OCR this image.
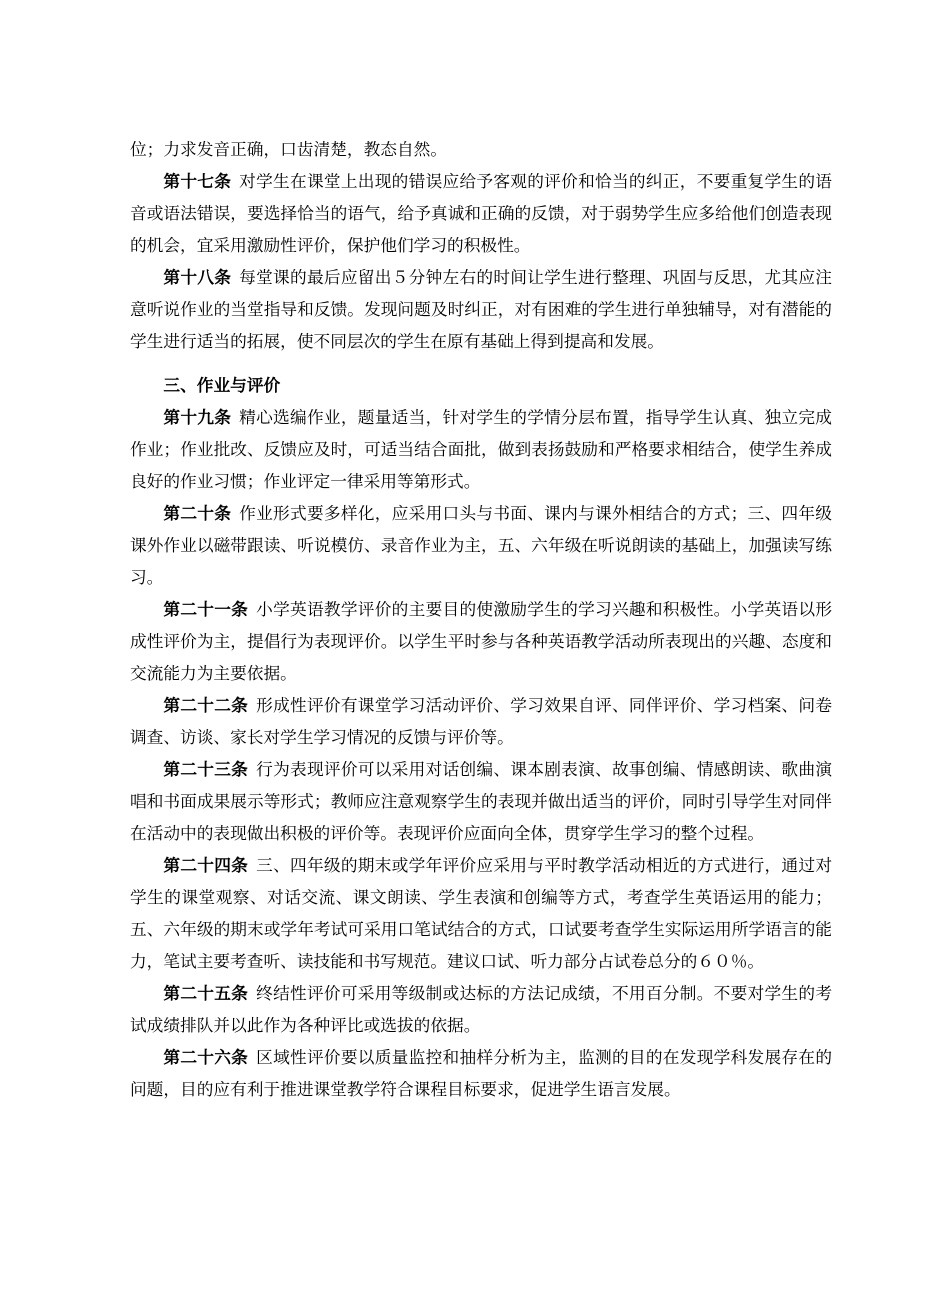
位；力求发音正确，口齿清楚，教态自然。

第十七条 对学生在课堂上出现的错误应给予客观的评价和恰当的纠正，不要重复学生的语音或语法错误，要选择恰当的语气，给予真诚和正确的反馈，对于弱势学生应多给他们创造表现的机会，宜采用激励性评价，保护他们学习的积极性。

第十八条 每堂课的最后应留出５分钟左右的时间让学生进行整理、巩固与反思，尤其应注意听说作业的当堂指导和反馈。发现问题及时纠正，对有困难的学生进行单独辅导，对有潜能的学生进行适当的拓展，使不同层次的学生在原有基础上得到提高和发展。

三、作业与评价

第十九条 精心选编作业，题量适当，针对学生的学情分层布置，指导学生认真、独立完成作业；作业批改、反馈应及时，可适当结合面批，做到表扬鼓励和严格要求相结合，使学生养成良好的作业习惯；作业评定一律采用等第形式。

第二十条 作业形式要多样化，应采用口头与书面、课内与课外相结合的方式；三、四年级课外作业以磁带跟读、听说模仿、录音作业为主，五、六年级在听说朗读的基础上，加强读写练习。

第二十一条 小学英语教学评价的主要目的使激励学生的学习兴趣和积极性。小学英语以形成性评价为主，提倡行为表现评价。以学生平时参与各种英语教学活动所表现出的兴趣、态度和交流能力为主要依据。

第二十二条 形成性评价有课堂学习活动评价、学习效果自评、同伴评价、学习档案、问卷调查、访谈、家长对学生学习情况的反馈与评价等。

第二十三条 行为表现评价可以采用对话创编、课本剧表演、故事创编、情感朗读、歌曲演唱和书面成果展示等形式；教师应注意观察学生的表现并做出适当的评价，同时引导学生对同伴在活动中的表现做出积极的评价等。表现评价应面向全体，贯穿学生学习的整个过程。

第二十四条 三、四年级的期末或学年评价应采用与平时教学活动相近的方式进行，通过对学生的课堂观察、对话交流、课文朗读、学生表演和创编等方式，考查学生英语运用的能力；五、六年级的期末或学年考试可采用口笔试结合的方式，口试要考查学生实际运用所学语言的能力，笔试主要考查听、读技能和书写规范。建议口试、听力部分占试卷总分的６０％。

第二十五条 终结性评价可采用等级制或达标的方法记成绩，不用百分制。不要对学生的考试成绩排队并以此作为各种评比或选拔的依据。

第二十六条 区域性评价要以质量监控和抽样分析为主，监测的目的在发现学科发展存在的问题，目的应有利于推进课堂教学符合课程目标要求，促进学生语言发展。
